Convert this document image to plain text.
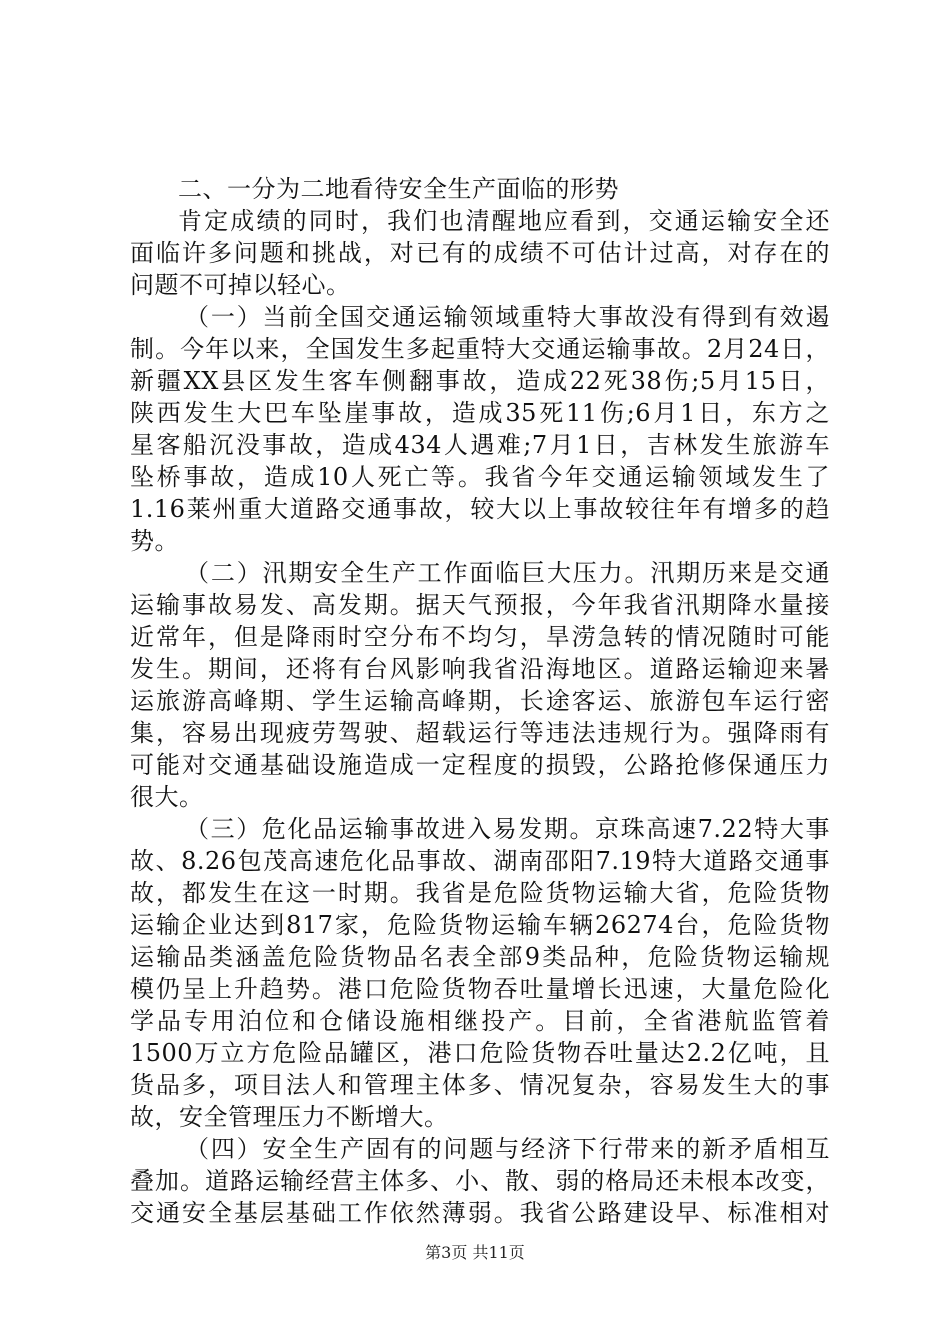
二、一分为二地看待安全生产面临的形势
肯定成绩的同时，我们也清醒地应看到，交通运输安全还
面临许多问题和挑战，对已有的成绩不可估计过高，对存在的
问题不可掉以轻心。
（一）当前全国交通运输领域重特大事故没有得到有效遏
制。今年以来，全国发生多起重特大交通运输事故。2月24日，
新疆XX县区发生客车侧翻事故，造成22死38伤;5月15日，
陕西发生大巴车坠崖事故，造成35死11伤;6月1日，东方之
星客船沉没事故，造成434人遇难;7月1日，吉林发生旅游车
坠桥事故，造成10人死亡等。我省今年交通运输领域发生了
1.16莱州重大道路交通事故，较大以上事故较往年有增多的趋
势。
（二）汛期安全生产工作面临巨大压力。汛期历来是交通
运输事故易发、高发期。据天气预报，今年我省汛期降水量接
近常年，但是降雨时空分布不均匀，旱涝急转的情况随时可能
发生。期间，还将有台风影响我省沿海地区。道路运输迎来暑
运旅游高峰期、学生运输高峰期，长途客运、旅游包车运行密
集，容易出现疲劳驾驶、超载运行等违法违规行为。强降雨有
可能对交通基础设施造成一定程度的损毁，公路抢修保通压力
很大。
（三）危化品运输事故进入易发期。京珠高速7.22特大事
故、8.26包茂高速危化品事故、湖南邵阳7.19特大道路交通事
故，都发生在这一时期。我省是危险货物运输大省，危险货物
运输企业达到817家，危险货物运输车辆26274台，危险货物
运输品类涵盖危险货物品名表全部9类品种，危险货物运输规
模仍呈上升趋势。港口危险货物吞吐量增长迅速，大量危险化
学品专用泊位和仓储设施相继投产。目前，全省港航监管着
1500万立方危险品罐区，港口危险货物吞吐量达2.2亿吨，且
货品多，项目法人和管理主体多、情况复杂，容易发生大的事
故，安全管理压力不断增大。
（四）安全生产固有的问题与经济下行带来的新矛盾相互
叠加。道路运输经营主体多、小、散、弱的格局还未根本改变，
交通安全基层基础工作依然薄弱。我省公路建设早、标准相对
第3页 共11页
